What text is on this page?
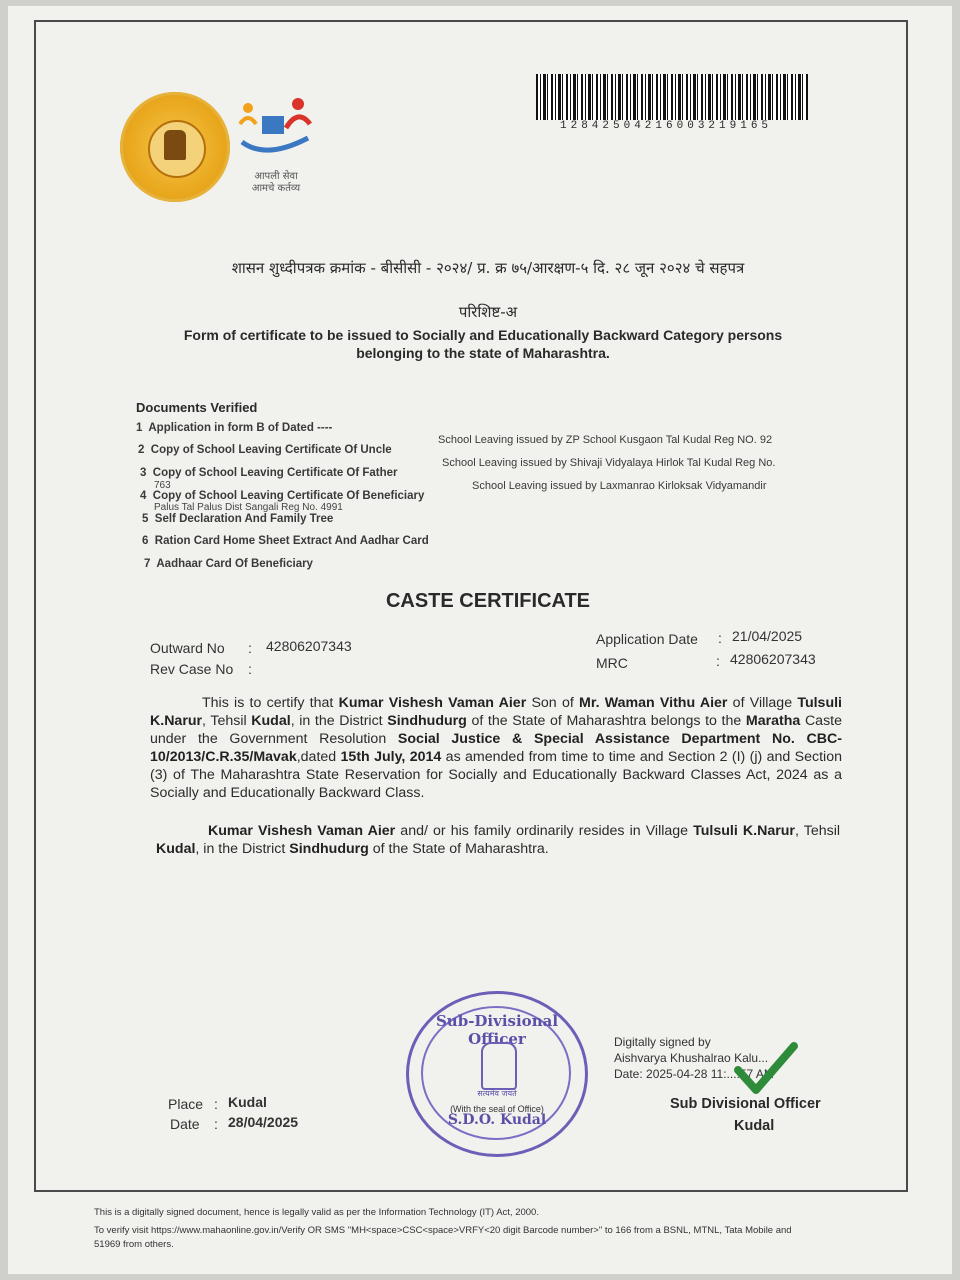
आपली सेवा
आमचे कर्तव्य
12842504216003219165
शासन शुध्दीपत्रक क्रमांक - बीसीसी - २०२४/ प्र. क्र ७५/आरक्षण-५ दि. २८ जून २०२४ चे सहपत्र
परिशिष्ट-अ
Form of certificate to be issued to Socially and Educationally Backward Category persons
belonging to the state of Maharashtra.
Documents Verified
1 Application in form B of Dated ----
2 Copy of School Leaving Certificate Of Uncle
School Leaving issued by ZP School Kusgaon Tal Kudal Reg NO. 92
3 Copy of School Leaving Certificate Of Father
School Leaving issued by Shivaji Vidyalaya Hirlok Tal Kudal Reg No.
763
4 Copy of School Leaving Certificate Of Beneficiary
School Leaving issued by Laxmanrao Kirloksak Vidyamandir
Palus Tal Palus Dist Sangali Reg No. 4991
5 Self Declaration And Family Tree
6 Ration Card Home Sheet Extract And Aadhar Card
7 Aadhaar Card Of Beneficiary
CASTE CERTIFICATE
Outward No : 42806207343
Rev Case No :
Application Date : 21/04/2025
MRC	: 42806207343
This is to certify that Kumar Vishesh Vaman Aier Son of Mr. Waman Vithu Aier of Village Tulsuli K.Narur, Tehsil Kudal, in the District Sindhudurg of the State of Maharashtra belongs to the Maratha Caste under the Government Resolution Social Justice & Special Assistance Department No. CBC-10/2013/C.R.35/Mavak,dated 15th July, 2014 as amended from time to time and Section 2 (I) (j) and Section (3) of The Maharashtra State Reservation for Socially and Educationally Backward Classes Act, 2024 as a Socially and Educationally Backward Class.
Kumar Vishesh Vaman Aier and/ or his family ordinarily resides in Village Tulsuli K.Narur, Tehsil Kudal, in the District Sindhudurg of the State of Maharashtra.
Sub-Divisional Officer
सत्यमेव जयते
(With the seal of Office)
S.D.O. Kudal
Place : Kudal
Date : 28/04/2025
Digitally signed by
Aishvarya Khushalrao Kalu...
Date: 2025-04-28 11:...:57 AM
Sub Divisional Officer
Kudal
This is a digitally signed document, hence is legally valid as per the Information Technology (IT) Act, 2000.
To verify visit https://www.mahaonline.gov.in/Verify OR SMS "MH<space>CSC<space>VRFY<20 digit Barcode number>" to 166 from a BSNL, MTNL, Tata Mobile and
51969 from others.
